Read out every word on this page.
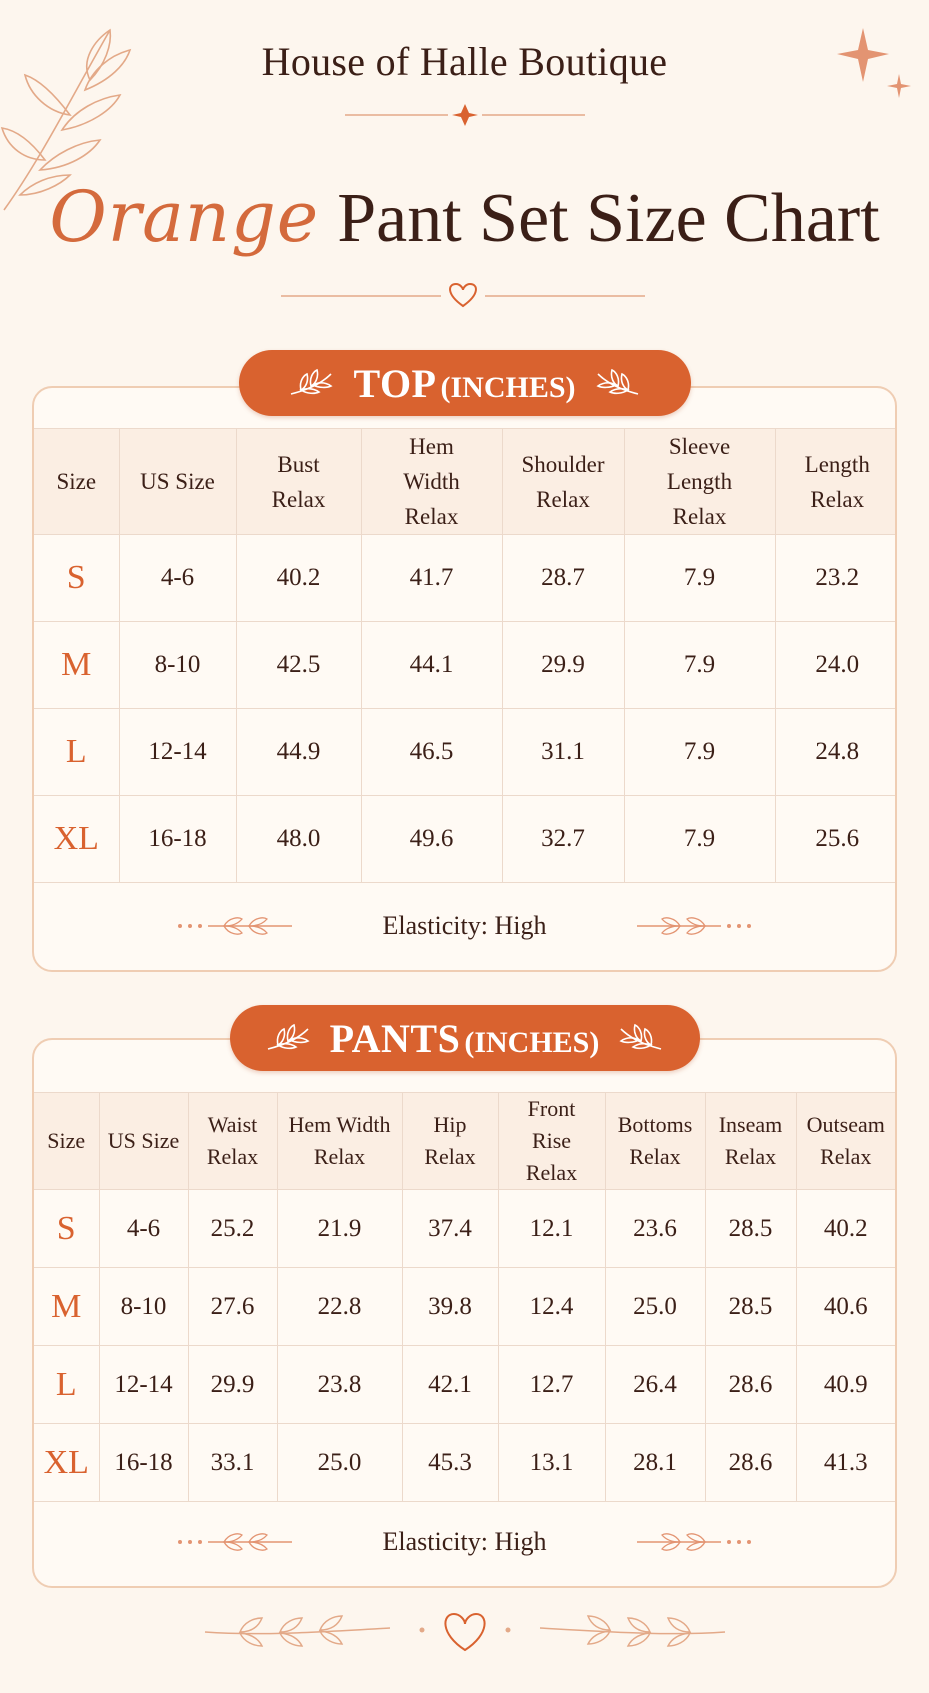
House of Halle Boutique
Orange Pant Set Size Chart
Size	US Size	Bust Relax	Hem Width Relax	Shoulder Relax	Sleeve Length Relax	Length Relax
S	4-6	40.2	41.7	28.7	7.9	23.2
M	8-10	42.5	44.1	29.9	7.9	24.0
L	12-14	44.9	46.5	31.1	7.9	24.8
XL	16-18	48.0	49.6	32.7	7.9	25.6
Elasticity: High
TOP (INCHES)
Size	US Size	Waist Relax	Hem Width Relax	Hip Relax	Front Rise Relax	Bottoms Relax	Inseam Relax	Outseam Relax
S	4-6	25.2	21.9	37.4	12.1	23.6	28.5	40.2
M	8-10	27.6	22.8	39.8	12.4	25.0	28.5	40.6
L	12-14	29.9	23.8	42.1	12.7	26.4	28.6	40.9
XL	16-18	33.1	25.0	45.3	13.1	28.1	28.6	41.3
Elasticity: High
PANTS (INCHES)
